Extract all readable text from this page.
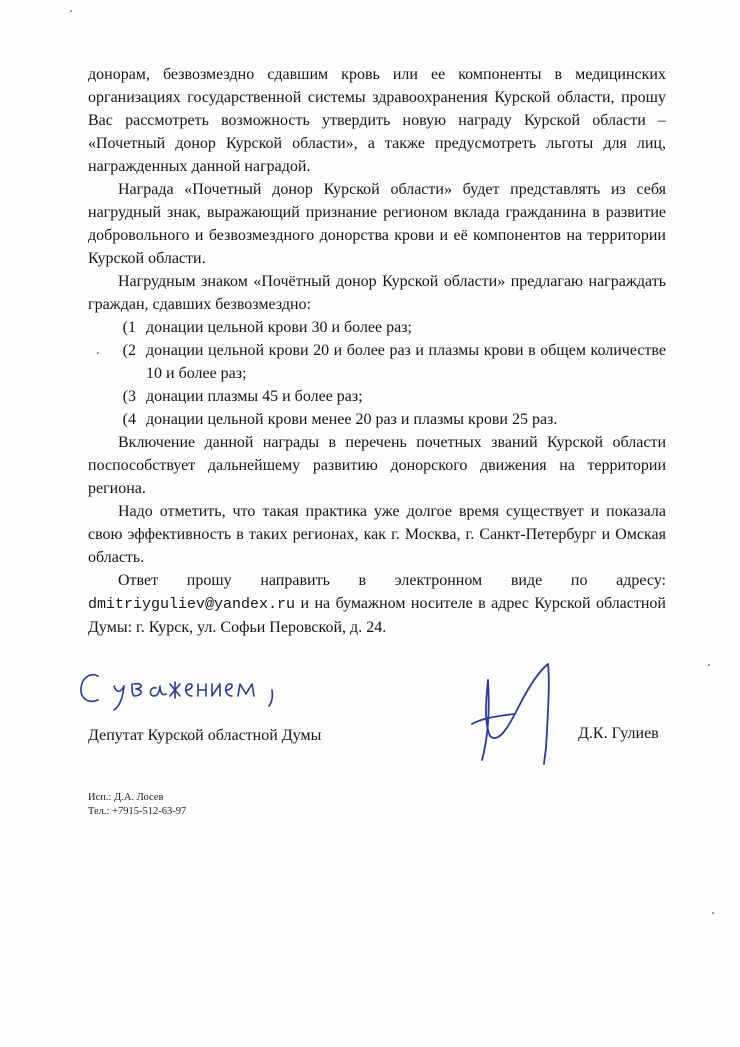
донорам, безвозмездно сдавшим кровь или ее компоненты в медицинских организациях государственной системы здравоохранения Курской области, прошу Вас рассмотреть возможность утвердить новую награду Курской области – «Почетный донор Курской области», а также предусмотреть льготы для лиц, награжденных данной наградой.

Награда «Почетный донор Курской области» будет представлять из себя нагрудный знак, выражающий признание регионом вклада гражданина в развитие добровольного и безвозмездного донорства крови и её компонентов на территории Курской области.

Нагрудным знаком «Почётный донор Курской области» предлагаю награждать граждан, сдавших безвозмездно:

1) донации цельной крови 30 и более раз;
2) донации цельной крови 20 и более раз и плазмы крови в общем количестве 10 и более раз;
3) донации плазмы 45 и более раз;
4) донации цельной крови менее 20 раз и плазмы крови 25 раз.

Включение данной награды в перечень почетных званий Курской области поспособствует дальнейшему развитию донорского движения на территории региона.

Надо отметить, что такая практика уже долгое время существует и показала свою эффективность в таких регионах, как г. Москва, г. Санкт-Петербург и Омская область.

Ответ прошу направить в электронном виде по адресу:

dmitriyguliev@yandex.ru и на бумажном носителе в адрес Курской областной Думы: г. Курск, ул. Софьи Перовской, д. 24.

Депутат Курской областной Думы	Д.К. Гулиев
Исп.: Д.А. Лосев
Тел.: +7915-512-63-97
